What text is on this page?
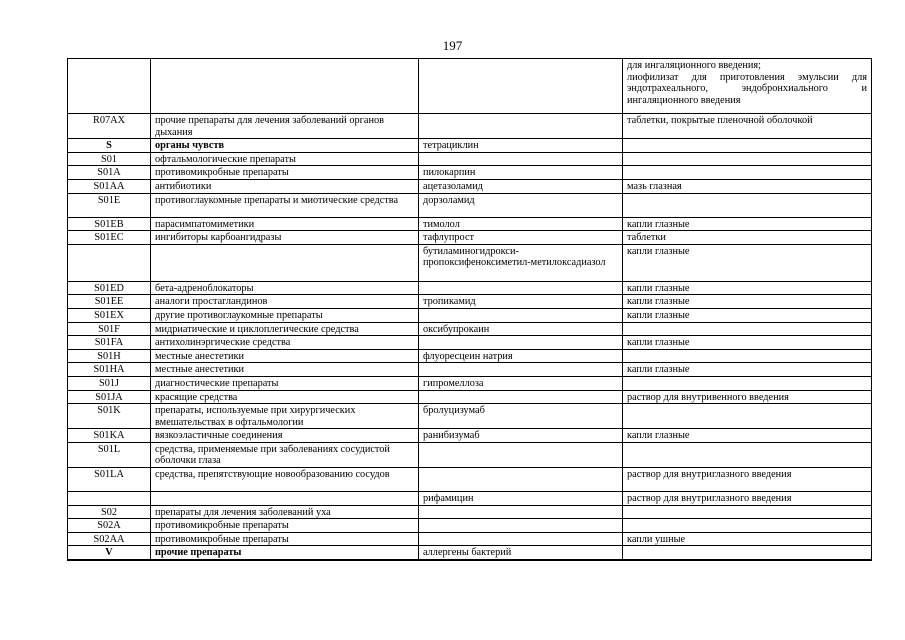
197
			для ингаляционного введения;
лиофилизат для приготовления эмульсии для эндотрахеального, эндобронхиального и ингаляционного введения
R07AX	прочие препараты для лечения заболеваний органов дыхания		таблетки, покрытые пленочной оболочкой
S	органы чувств	тетрациклин	
S01	офтальмологические препараты		
S01A	противомикробные препараты	пилокарпин	
S01AA	антибиотики	ацетазоламид	мазь глазная
S01E	противоглаукомные препараты и миотические средства	дорзоламид	
S01EB	парасимпатомиметики	тимолол	капли глазные
S01EC	ингибиторы карбоангидразы	тафлупрост	таблетки
		бутиламиногидрокси-пропоксифеноксиметил-метилоксадиазол	капли глазные
S01ED	бета-адреноблокаторы		капли глазные
S01EE	аналоги простагландинов	тропикамид	капли глазные
S01EX	другие противоглаукомные препараты		капли глазные
S01F	мидриатические и циклоплегические средства	оксибупрокаин	
S01FA	антихолинэргические средства		капли глазные
S01H	местные анестетики	флуоресцеин натрия	
S01HA	местные анестетики		капли глазные
S01J	диагностические препараты	гипромеллоза	
S01JA	красящие средства		раствор для внутривенного введения
S01K	препараты, используемые при хирургических вмешательствах в офтальмологии	бролуцизумаб	
S01KA	вязкоэластичные соединения	ранибизумаб	капли глазные
S01L	средства, применяемые при заболеваниях сосудистой оболочки глаза		
S01LA	средства, препятствующие новообразованию сосудов		раствор для внутриглазного введения
		рифамицин	раствор для внутриглазного введения
S02	препараты для лечения заболеваний уха		
S02A	противомикробные препараты		
S02AA	противомикробные препараты		капли ушные
V	прочие препараты	аллергены бактерий	
